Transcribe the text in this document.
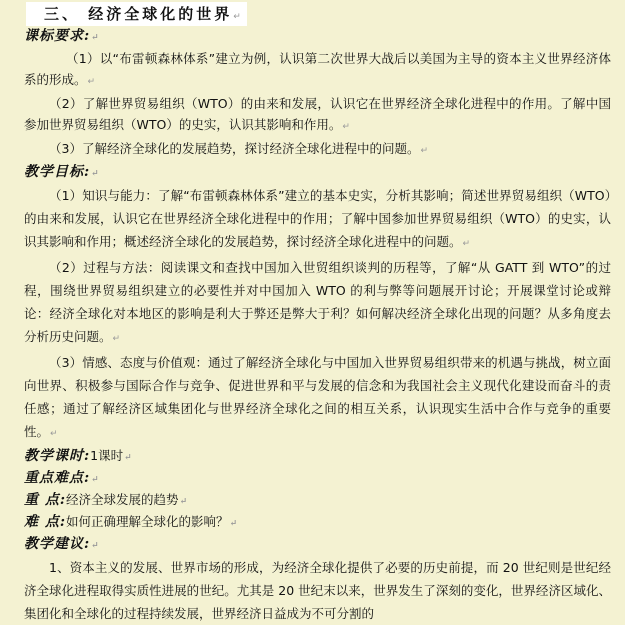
三、 经济全球化的世界↵

课标要求:↵

（1）以“布雷顿森林体系”建立为例，认识第二次世界大战后以美国为主导的资本主义世界经济体系的形成。↵

（2）了解世界贸易组织（WTO）的由来和发展，认识它在世界经济全球化进程中的作用。了解中国参加世界贸易组织（WTO）的史实，认识其影响和作用。↵

（3）了解经济全球化的发展趋势，探讨经济全球化进程中的问题。↵

教学目标:↵

（1）知识与能力：了解“布雷顿森林体系”建立的基本史实，分析其影响；简述世界贸易组织（WTO）的由来和发展，认识它在世界经济全球化进程中的作用；了解中国参加世界贸易组织（WTO）的史实，认识其影响和作用；概述经济全球化的发展趋势，探讨经济全球化进程中的问题。↵

（2）过程与方法：阅读课文和查找中国加入世贸组织谈判的历程等，了解“从 GATT 到 WTO”的过程，围绕世界贸易组织建立的必要性并对中国加入 WTO 的利与弊等问题展开讨论；开展课堂讨论或辩论：经济全球化对本地区的影响是利大于弊还是弊大于利？如何解决经济全球化出现的问题？从多角度去分析历史问题。↵

（3）情感、态度与价值观：通过了解经济全球化与中国加入世界贸易组织带来的机遇与挑战，树立面向世界、积极参与国际合作与竞争、促进世界和平与发展的信念和为我国社会主义现代化建设而奋斗的责任感；通过了解经济区域集团化与世界经济全球化之间的相互关系，认识现实生活中合作与竞争的重要性。↵

教学课时:1课时↵

重点难点:↵

重 点:经济全球发展的趋势↵

难 点:如何正确理解全球化的影响？↵

教学建议:↵

1、资本主义的发展、世界市场的形成，为经济全球化提供了必要的历史前提，而 20 世纪则是世纪经济全球化进程取得实质性进展的世纪。尤其是 20 世纪末以来，世界发生了深刻的变化，世界经济区域化、集团化和全球化的过程持续发展，世界经济日益成为不可分割的
